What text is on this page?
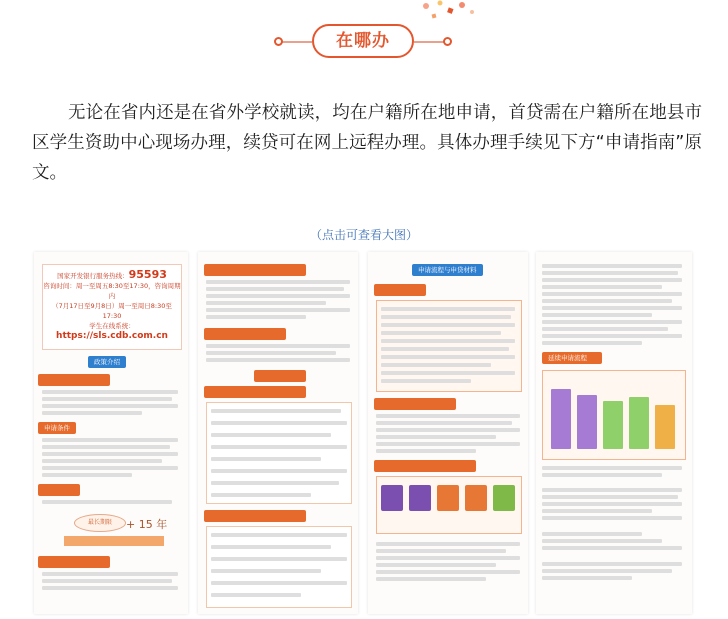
在哪办

无论在省内还是在省外学校就读，均在户籍所在地申请，首贷需在户籍所在地县市区学生资助中心现场办理，续贷可在网上远程办理。具体办理手续见下方“申请指南”原文。

（点击可查看大图）
国家开发银行服务热线：95593
咨询时间：周一至周五8:30至17:30，咨询周期内
（7月17日至9月8日）周一至周日8:30至17:30
学生在线系统：
https://sls.cdb.com.cn
政策介绍
申请条件
最长期限	+ 15 年
申请流程与申贷材料
延续申请流程
